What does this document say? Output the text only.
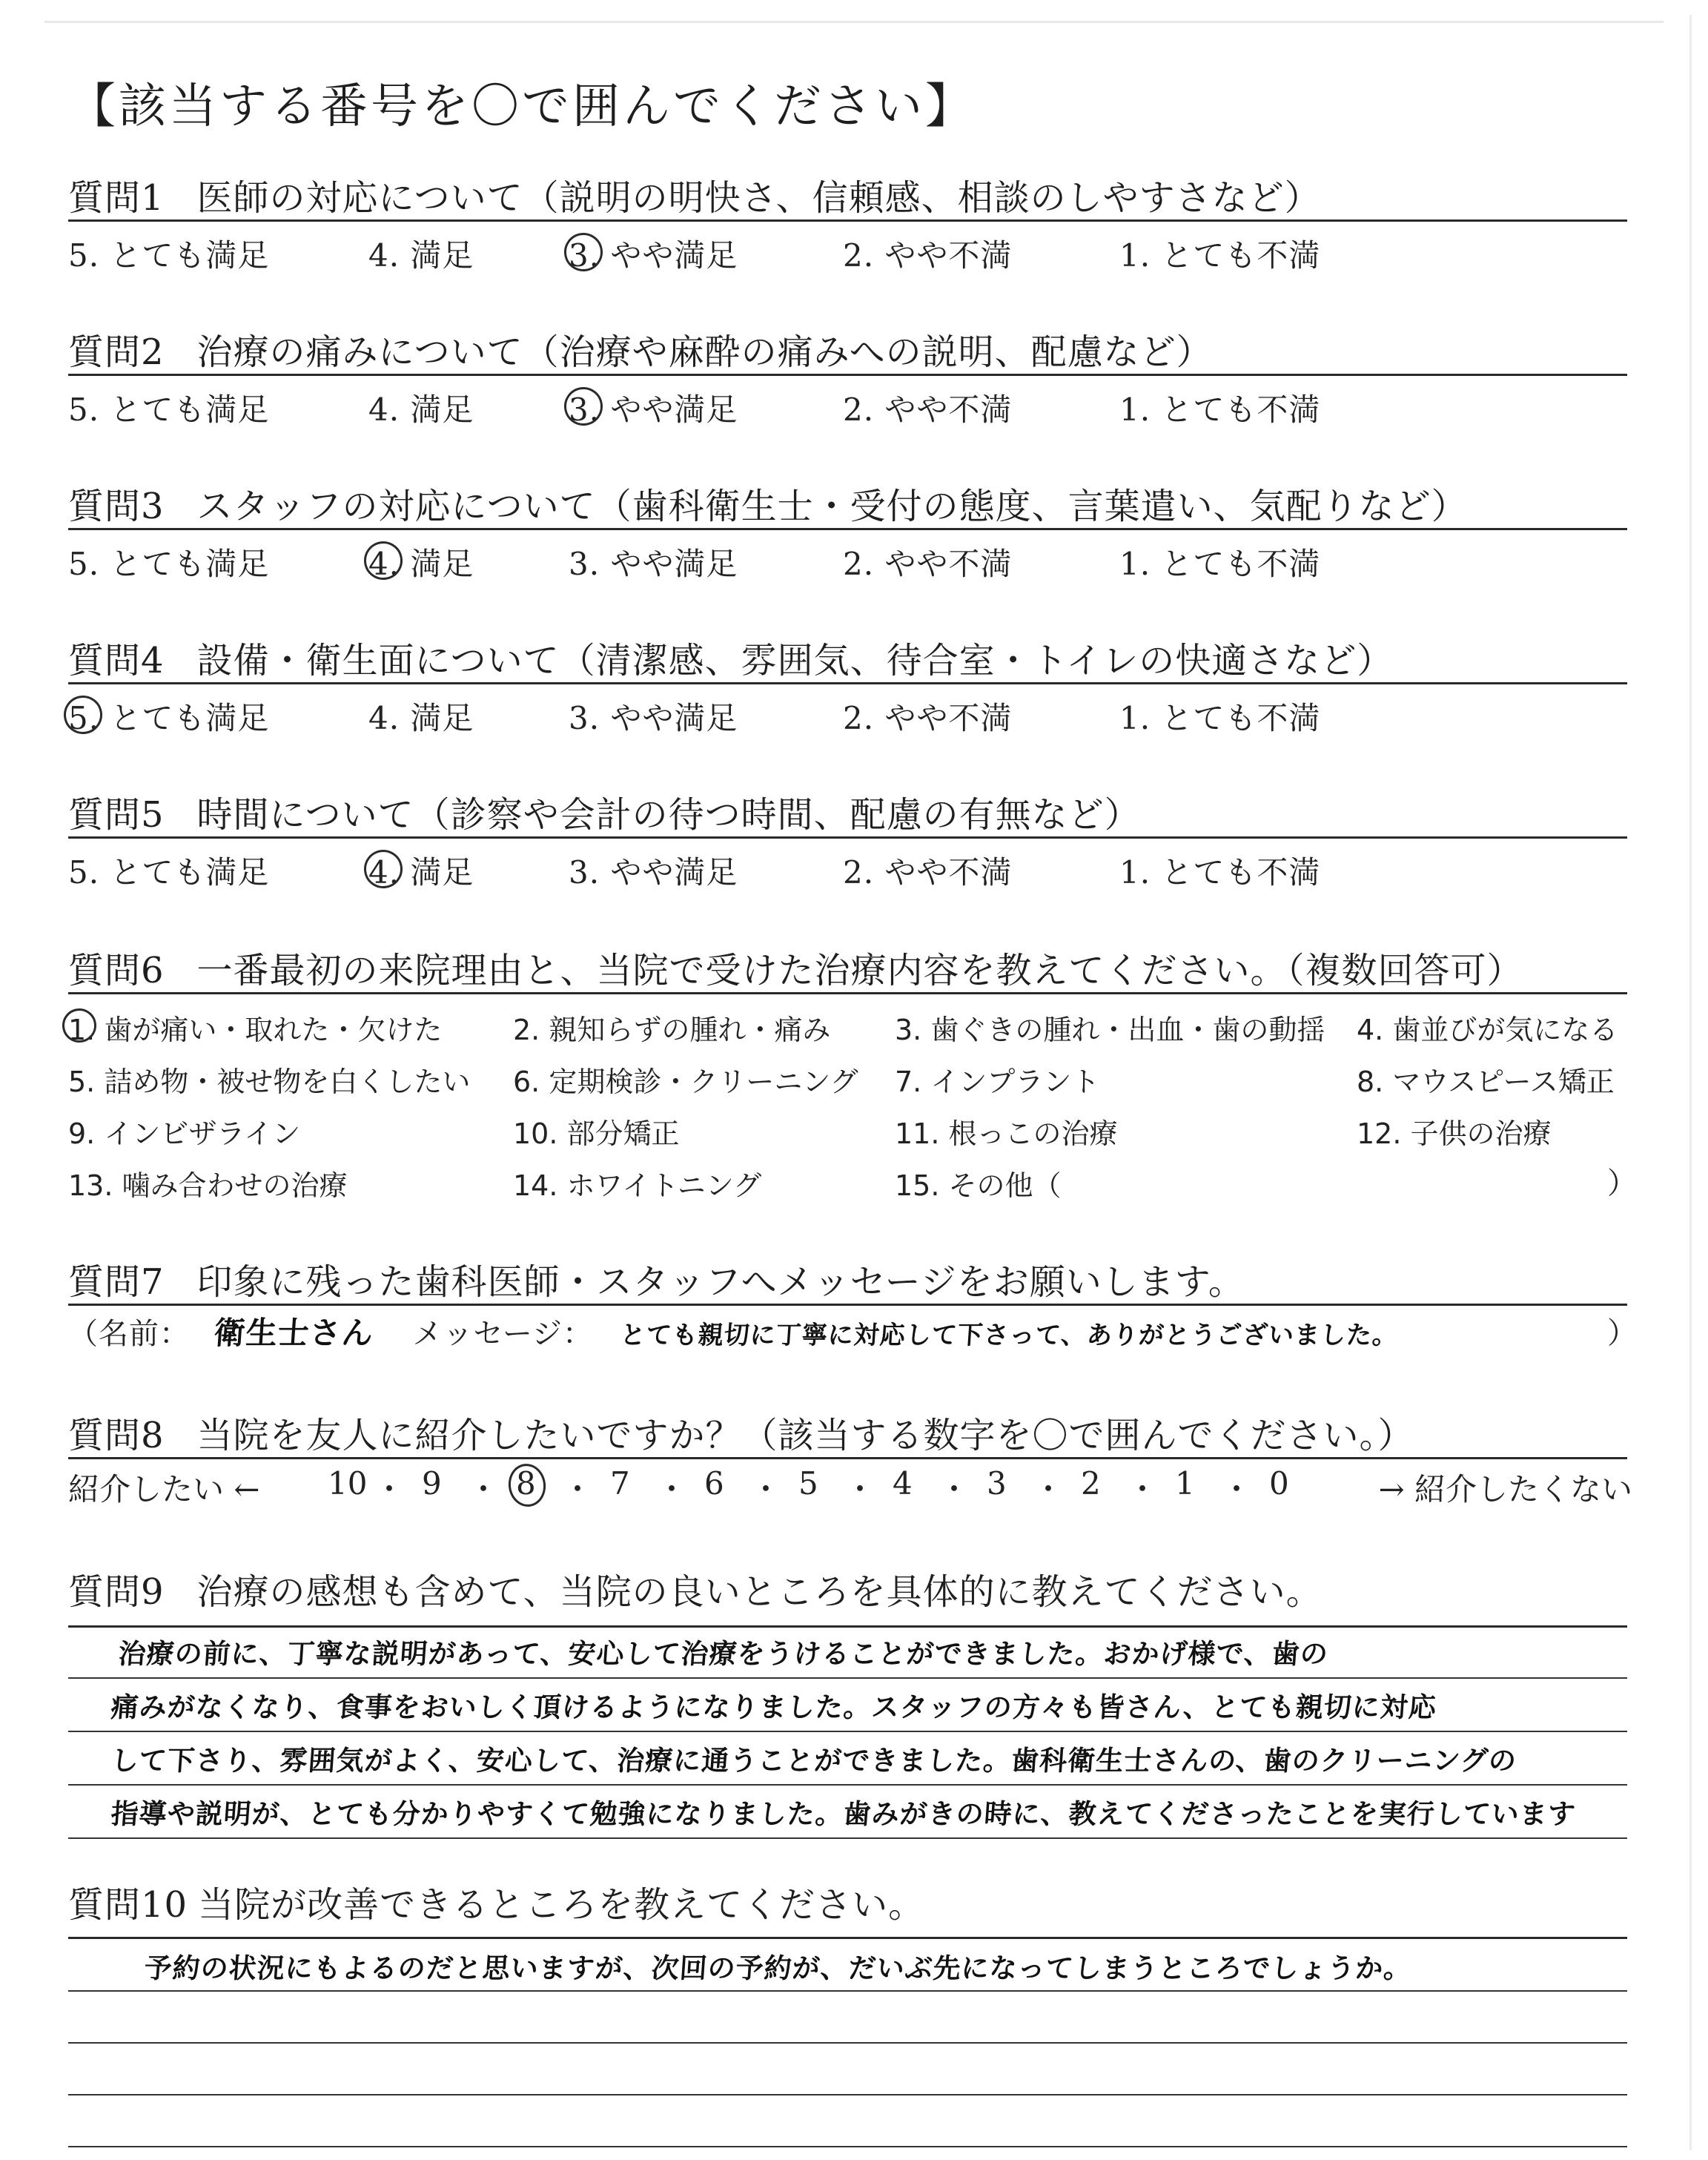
【該当する番号を〇で囲んでください】
質問1 医師の対応について（説明の明快さ、信頼感、相談のしやすさなど）
5. とても満足	4. 満足	3. やや満足	2. やや不満	1. とても不満
質問2 治療の痛みについて（治療や麻酔の痛みへの説明、配慮など）
5. とても満足	4. 満足	3. やや満足	2. やや不満	1. とても不満
質問3 スタッフの対応について（歯科衛生士・受付の態度、言葉遣い、気配りなど）
5. とても満足	4. 満足	3. やや満足	2. やや不満	1. とても不満
質問4 設備・衛生面について（清潔感、雰囲気、待合室・トイレの快適さなど）
5. とても満足	4. 満足	3. やや満足	2. やや不満	1. とても不満
質問5 時間について（診察や会計の待つ時間、配慮の有無など）
5. とても満足	4. 満足	3. やや満足	2. やや不満	1. とても不満
質問6 一番最初の来院理由と、当院で受けた治療内容を教えてください。（複数回答可）
1. 歯が痛い・取れた・欠けた	2. 親知らずの腫れ・痛み 3. 歯ぐきの腫れ・出血・歯の動揺 4. 歯並びが気になる
5. 詰め物・被せ物を白くしたい 6. 定期検診・クリーニング 7. インプラント	8. マウスピース矯正
9. インビザライン	10. 部分矯正	11. 根っこの治療	12. 子供の治療
13. 噛み合わせの治療	14. ホワイトニング	15. その他（	）
質問7 印象に残った歯科医師・スタッフへメッセージをお願いします。
（名前： 衛生士さん メッセージ： とても親切に丁寧に対応して下さって、ありがとうございました。	）
質問8 当院を友人に紹介したいですか？（該当する数字を〇で囲んでください。）
紹介したい ←	→ 紹介したくない
10 ・ 9 ・ 8 ・ 7 ・ 6 ・ 5 ・ 4 ・ 3 ・ 2 ・ 1 ・ 0
質問9 治療の感想も含めて、当院の良いところを具体的に教えてください。
治療の前に、丁寧な説明があって、安心して治療をうけることができました。おかげ様で、歯の
痛みがなくなり、食事をおいしく頂けるようになりました。スタッフの方々も皆さん、とても親切に対応
して下さり、雰囲気がよく、安心して、治療に通うことができました。歯科衛生士さんの、歯のクリーニングの
指導や説明が、とても分かりやすくて勉強になりました。歯みがきの時に、教えてくださったことを実行しています
質問10 当院が改善できるところを教えてください。
予約の状況にもよるのだと思いますが、次回の予約が、だいぶ先になってしまうところでしょうか。
